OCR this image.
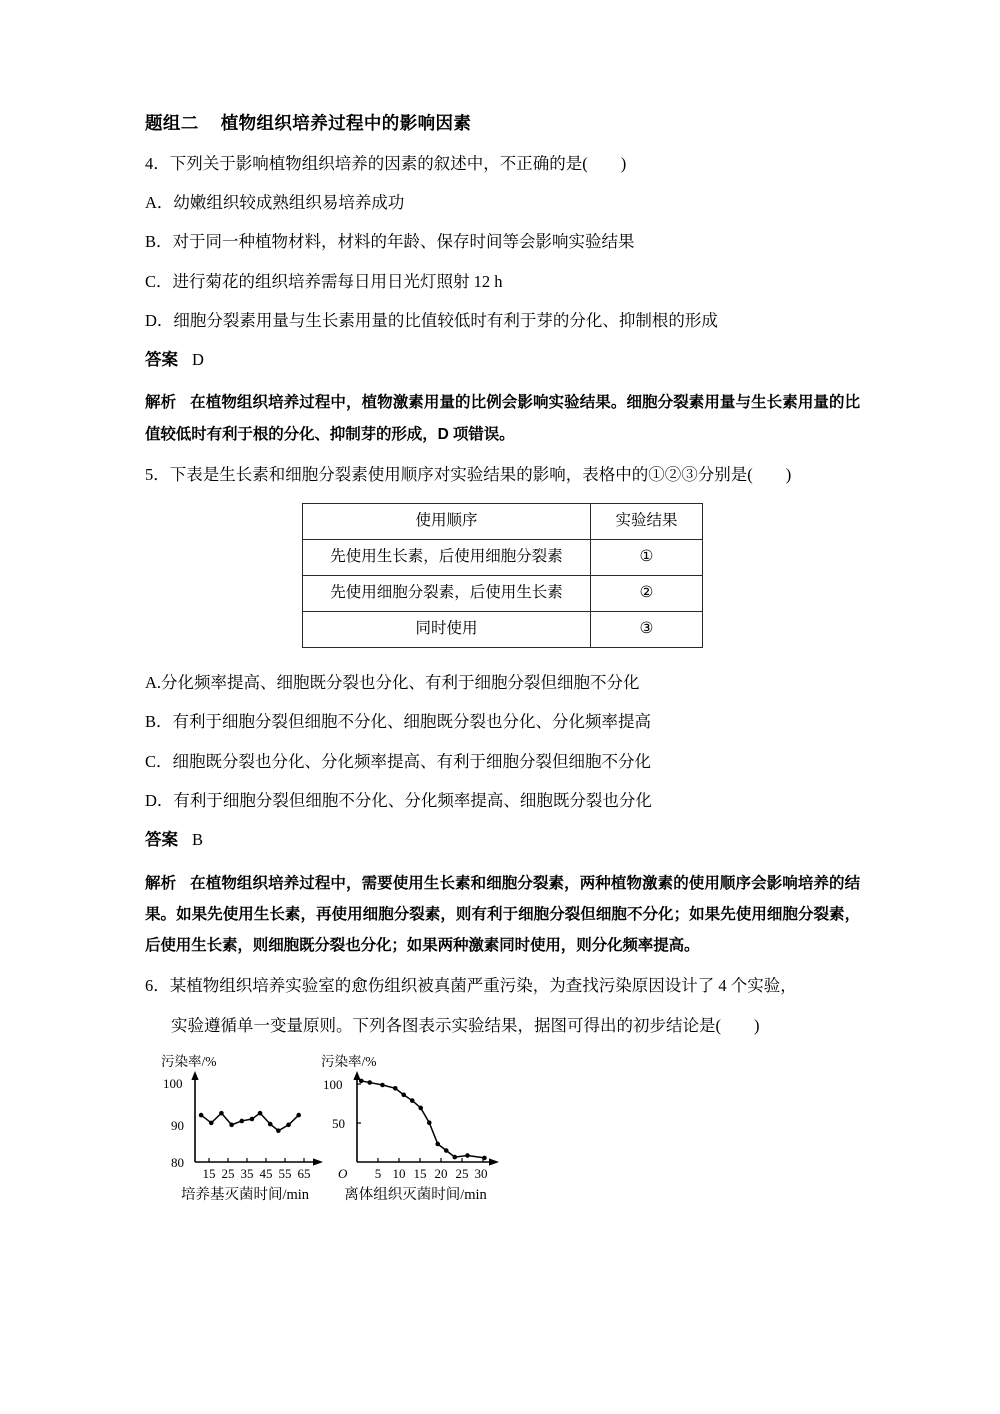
题组二 植物组织培养过程中的影响因素
4．下列关于影响植物组织培养的因素的叙述中，不正确的是(        )
A．幼嫩组织较成熟组织易培养成功
B．对于同一种植物材料，材料的年龄、保存时间等会影响实验结果
C．进行菊花的组织培养需每日用日光灯照射 12 h
D．细胞分裂素用量与生长素用量的比值较低时有利于芽的分化、抑制根的形成
答案 D
解析 在植物组织培养过程中，植物激素用量的比例会影响实验结果。细胞分裂素用量与生长素用量的比值较低时有利于根的分化、抑制芽的形成，D 项错误。
5．下表是生长素和细胞分裂素使用顺序对实验结果的影响，表格中的①②③分别是(        )
使用顺序	实验结果
先使用生长素，后使用细胞分裂素	①
先使用细胞分裂素，后使用生长素	②
同时使用	③
A.分化频率提高、细胞既分裂也分化、有利于细胞分裂但细胞不分化
B．有利于细胞分裂但细胞不分化、细胞既分裂也分化、分化频率提高
C．细胞既分裂也分化、分化频率提高、有利于细胞分裂但细胞不分化
D．有利于细胞分裂但细胞不分化、分化频率提高、细胞既分裂也分化
答案 B
解析 在植物组织培养过程中，需要使用生长素和细胞分裂素，两种植物激素的使用顺序会影响培养的结果。如果先使用生长素，再使用细胞分裂素，则有利于细胞分裂但细胞不分化；如果先使用细胞分裂素，后使用生长素，则细胞既分裂也分化；如果两种激素同时使用，则分化频率提高。
6．某植物组织培养实验室的愈伤组织被真菌严重污染，为查找污染原因设计了 4 个实验，
实验遵循单一变量原则。下列各图表示实验结果，据图可得出的初步结论是(        )
污染率/%
100
90
80
15 25 35 45 55 65
培养基灭菌时间/min
污染率/%
100
50
O 5 10 15 20 25 30
离体组织灭菌时间/min
